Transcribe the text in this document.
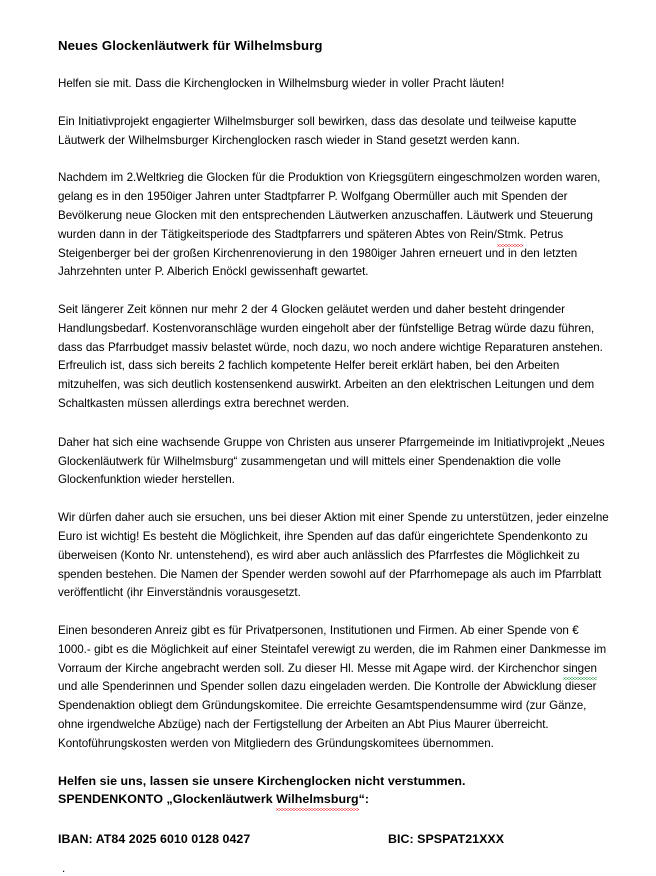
Neues Glockenläutwerk für Wilhelmsburg

Helfen sie mit. Dass die Kirchenglocken in Wilhelmsburg wieder in voller Pracht läuten!

Ein Initiativprojekt engagierter Wilhelmsburger soll bewirken, dass das desolate und teilweise kaputte Läutwerk der Wilhelmsburger Kirchenglocken rasch wieder in Stand gesetzt werden kann.

Nachdem im 2.Weltkrieg die Glocken für die Produktion von Kriegsgütern eingeschmolzen worden waren, gelang es in den 1950iger Jahren unter Stadtpfarrer P. Wolfgang Obermüller auch mit Spenden der Bevölkerung neue Glocken mit den entsprechenden Läutwerken anzuschaffen. Läutwerk und Steuerung wurden dann in der Tätigkeitsperiode des Stadtpfarrers und späteren Abtes von Rein/Stmk. Petrus Steigenberger bei der großen Kirchenrenovierung in den 1980iger Jahren erneuert und in den letzten Jahrzehnten unter P. Alberich Enöckl gewissenhaft gewartet.

Seit längerer Zeit können nur mehr 2 der 4 Glocken geläutet werden und daher besteht dringender Handlungsbedarf. Kostenvoranschläge wurden eingeholt aber der fünfstellige Betrag würde dazu führen, dass das Pfarrbudget massiv belastet würde, noch dazu, wo noch andere wichtige Reparaturen anstehen. Erfreulich ist, dass sich bereits 2 fachlich kompetente Helfer bereit erklärt haben, bei den Arbeiten mitzuhelfen, was sich deutlich kostensenkend auswirkt. Arbeiten an den elektrischen Leitungen und dem Schaltkasten müssen allerdings extra berechnet werden.

Daher hat sich eine wachsende Gruppe von Christen aus unserer Pfarrgemeinde im Initiativprojekt „Neues Glockenläutwerk für Wilhelmsburg“ zusammengetan und will mittels einer Spendenaktion die volle Glockenfunktion wieder herstellen.

Wir dürfen daher auch sie ersuchen, uns bei dieser Aktion mit einer Spende zu unterstützen, jeder einzelne Euro ist wichtig! Es besteht die Möglichkeit, ihre Spenden auf das dafür eingerichtete Spendenkonto zu überweisen (Konto Nr. untenstehend), es wird aber auch anlässlich des Pfarrfestes die Möglichkeit zu spenden bestehen. Die Namen der Spender werden sowohl auf der Pfarrhomepage als auch im Pfarrblatt veröffentlicht (ihr Einverständnis vorausgesetzt.

Einen besonderen Anreiz gibt es für Privatpersonen, Institutionen und Firmen. Ab einer Spende von € 1000.- gibt es die Möglichkeit auf einer Steintafel verewigt zu werden, die im Rahmen einer Dankmesse im Vorraum der Kirche angebracht werden soll. Zu dieser Hl. Messe mit Agape wird. der Kirchenchor singen und alle Spenderinnen und Spender sollen dazu eingeladen werden. Die Kontrolle der Abwicklung dieser Spendenaktion obliegt dem Gründungskomitee. Die erreichte Gesamtspendensumme wird (zur Gänze, ohne irgendwelche Abzüge) nach der Fertigstellung der Arbeiten an Abt Pius Maurer überreicht. Kontoführungskosten werden von Mitgliedern des Gründungskomitees übernommen.

Helfen sie uns, lassen sie unsere Kirchenglocken nicht verstummen.

SPENDENKONTO „Glockenläutwerk Wilhelmsburg“:

IBAN: AT84 2025 6010 0128 0427	BIC: SPSPAT21XXX

.
